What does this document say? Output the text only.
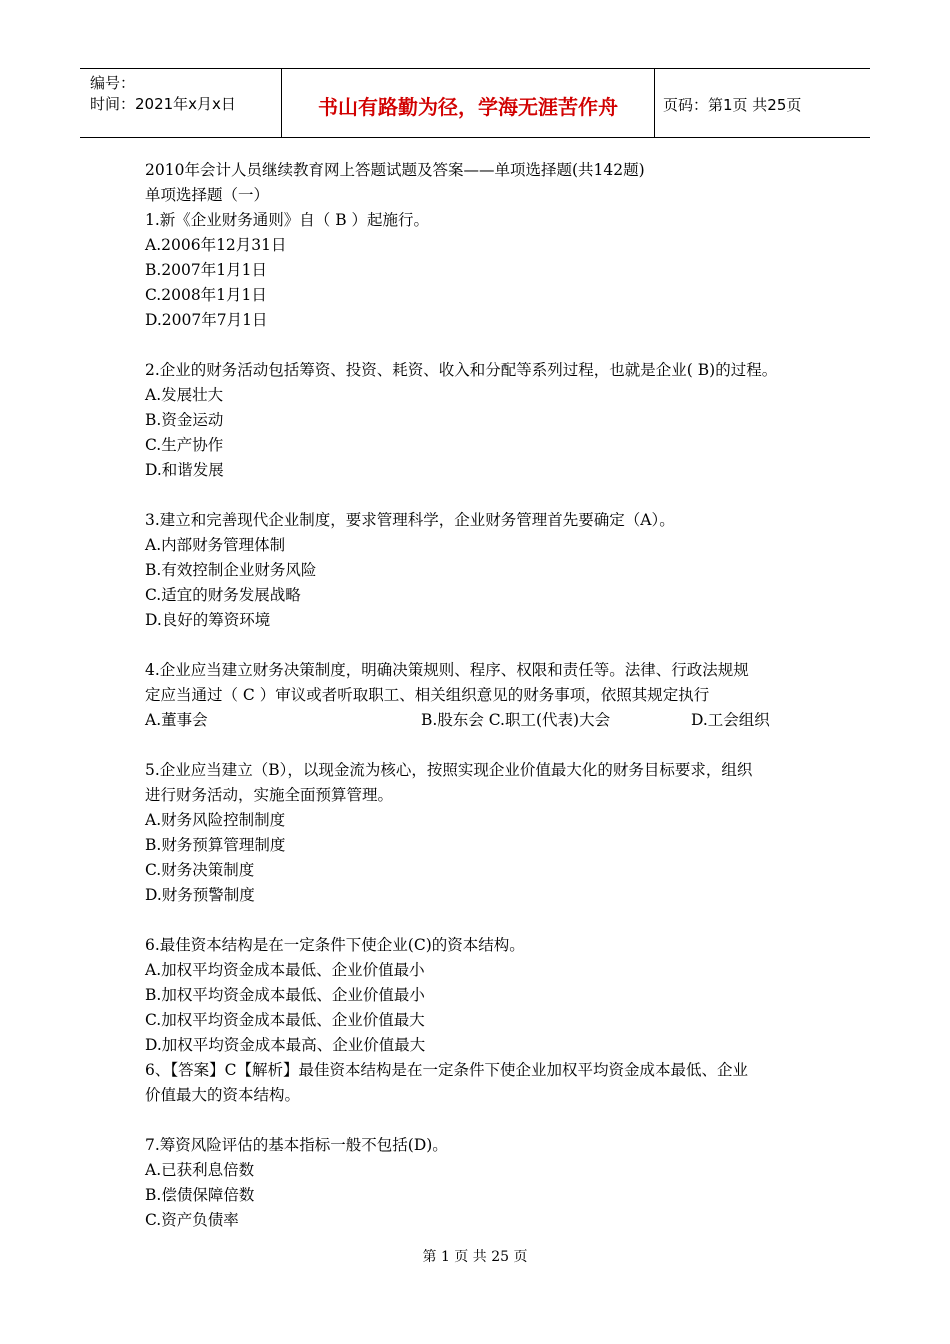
编号：
时间：2021年x月x日	书山有路勤为径，学海无涯苦作舟	页码：第1页 共25页
2010年会计人员继续教育网上答题试题及答案——单项选择题(共142题)
单项选择题（一）
1.新《企业财务通则》自（ B ）起施行。
A.2006年12月31日
B.2007年1月1日
C.2008年1月1日
D.2007年7月1日
2.企业的财务活动包括筹资、投资、耗资、收入和分配等系列过程，也就是企业( B)的过程。
A.发展壮大
B.资金运动
C.生产协作
D.和谐发展
3.建立和完善现代企业制度，要求管理科学，企业财务管理首先要确定（A）。
A.内部财务管理体制
B.有效控制企业财务风险
C.适宜的财务发展战略
D.良好的筹资环境
4.企业应当建立财务决策制度，明确决策规则、程序、权限和责任等。法律、行政法规规
定应当通过（ C ）审议或者听取职工、相关组织意见的财务事项，依照其规定执行
A.董事会	B.股东会 C.职工(代表)大会	D.工会组织
5.企业应当建立（B），以现金流为核心，按照实现企业价值最大化的财务目标要求，组织
进行财务活动，实施全面预算管理。
A.财务风险控制制度
B.财务预算管理制度
C.财务决策制度
D.财务预警制度
6.最佳资本结构是在一定条件下使企业(C)的资本结构。
A.加权平均资金成本最低、企业价值最小
B.加权平均资金成本最低、企业价值最小
C.加权平均资金成本最低、企业价值最大
D.加权平均资金成本最高、企业价值最大
6、【答案】C【解析】最佳资本结构是在一定条件下使企业加权平均资金成本最低、企业
价值最大的资本结构。
7.筹资风险评估的基本指标一般不包括(D)。
A.已获利息倍数
B.偿债保障倍数
C.资产负债率
第 1 页 共 25 页
